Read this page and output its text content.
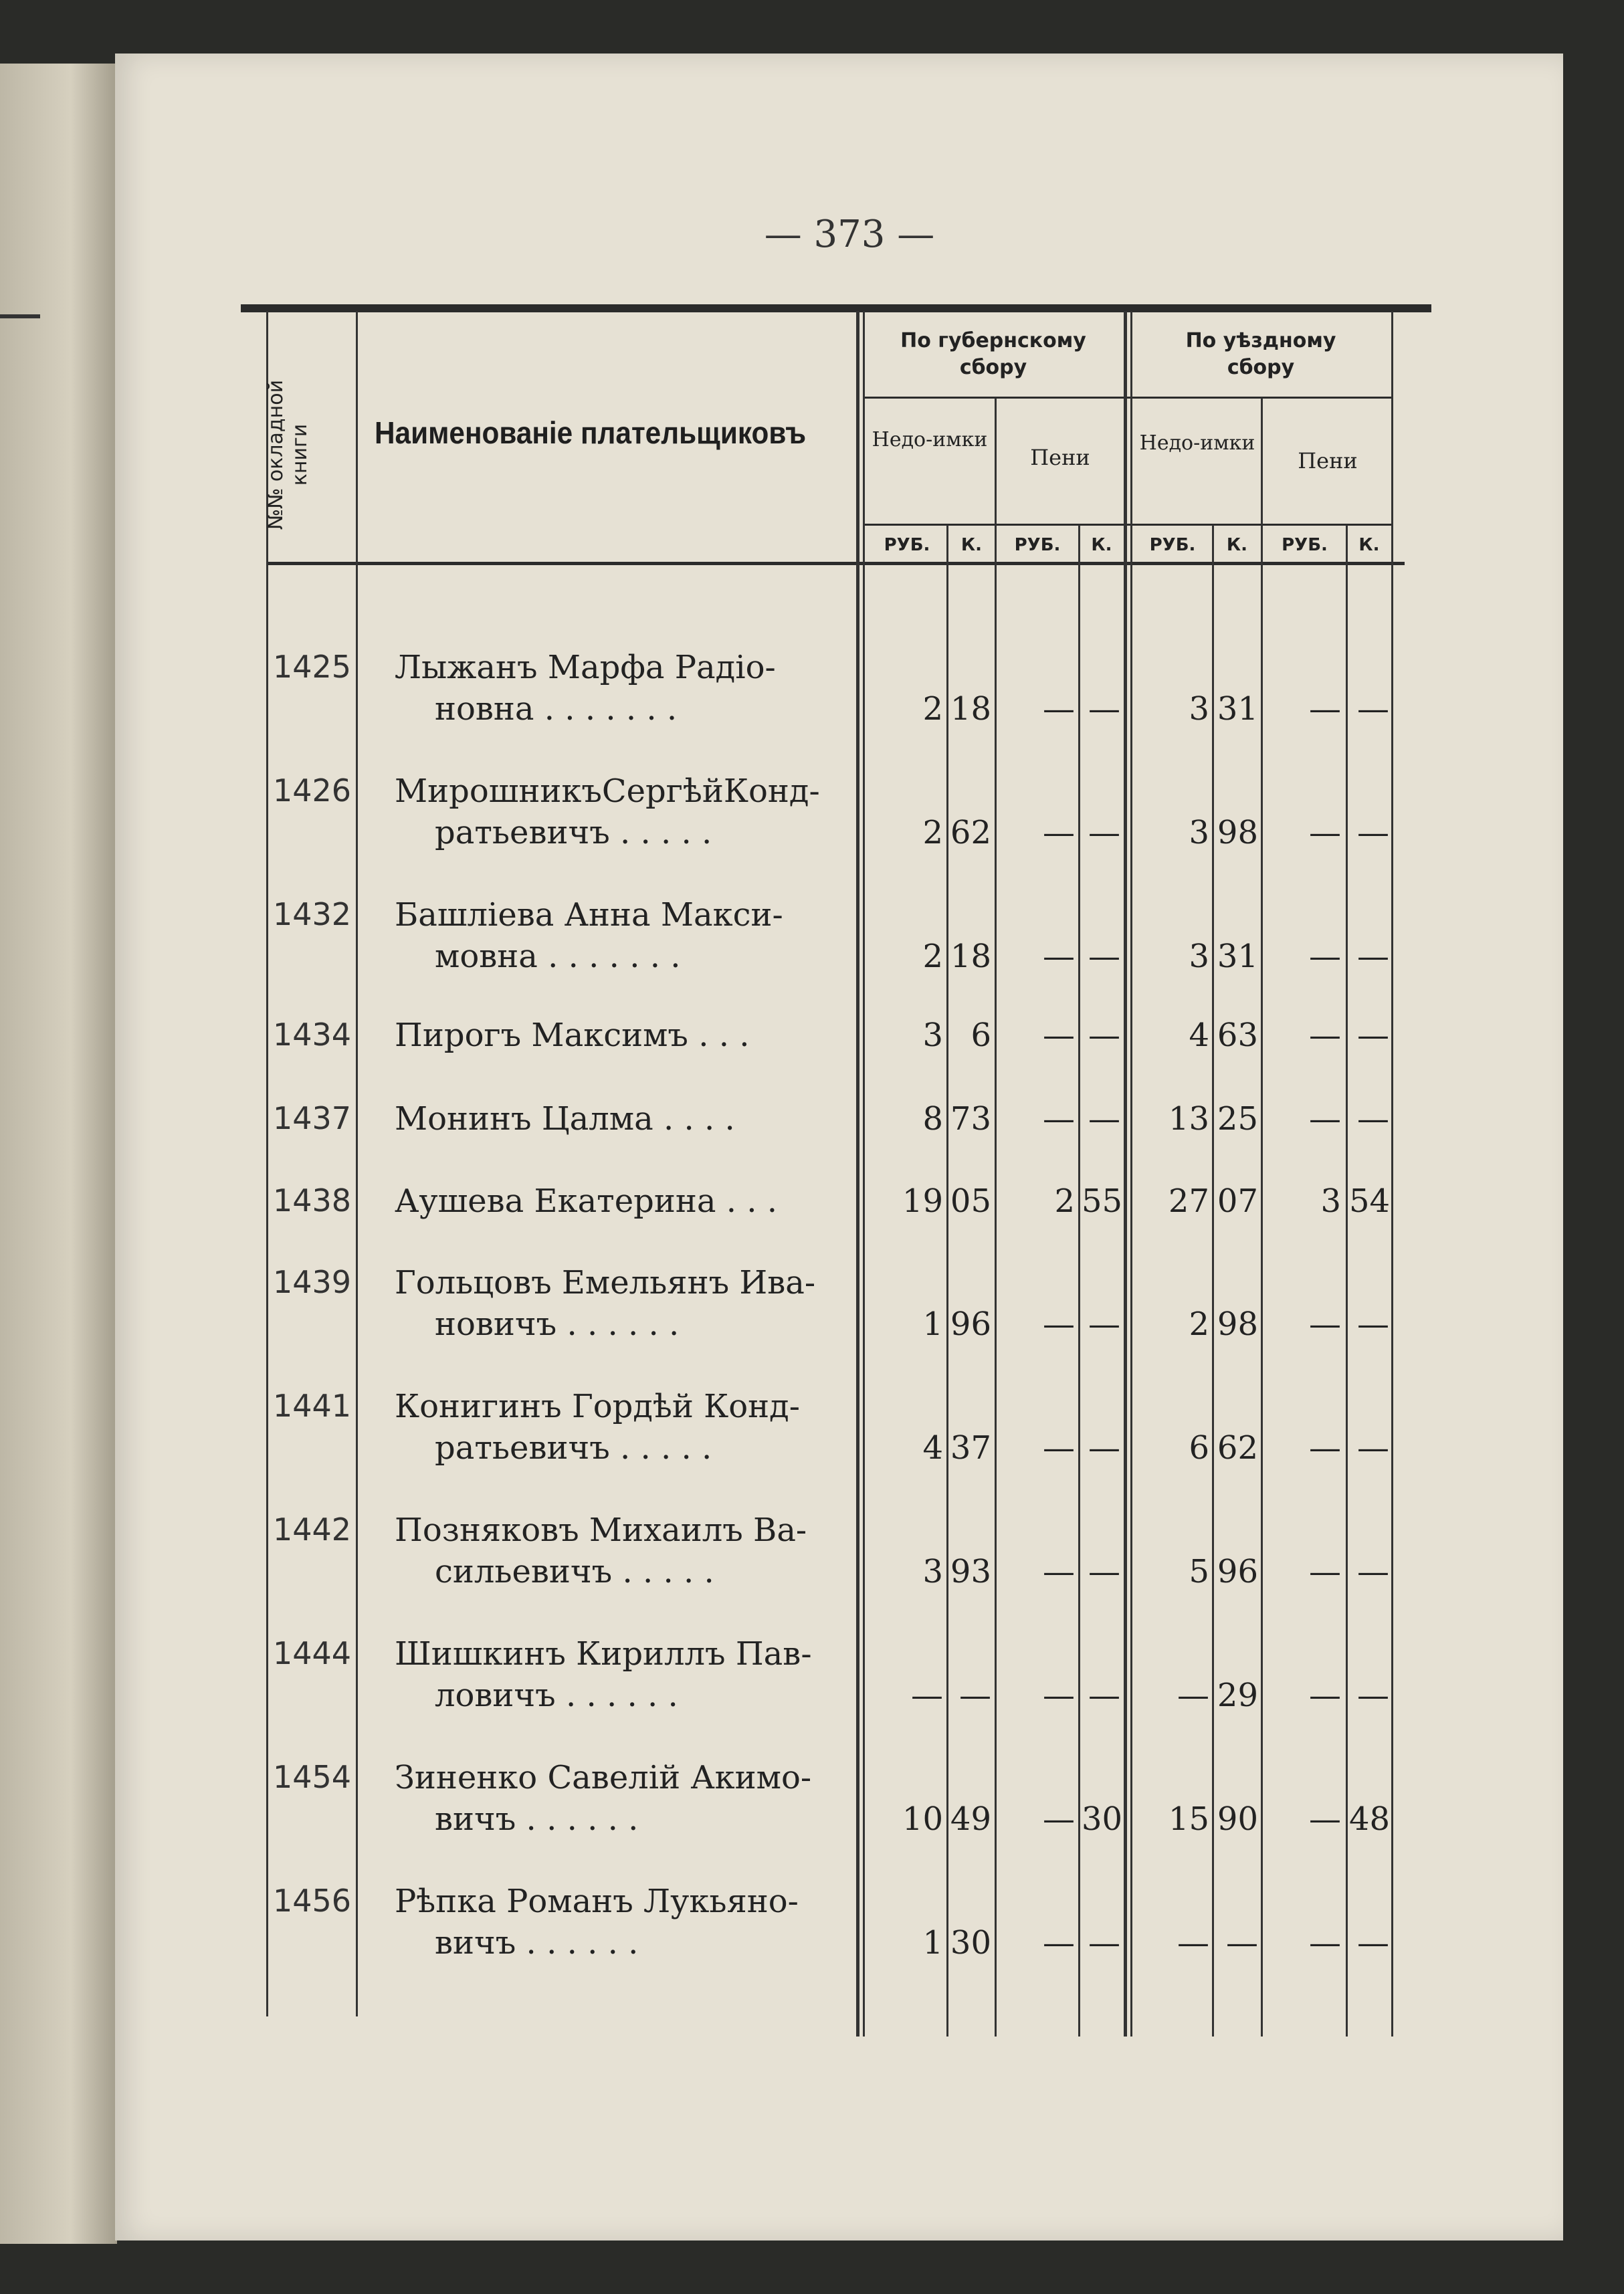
— 373 —
№№ окладной книги Наименованіе плательщиковъ
По губернскому сбору
По уѣздному сбору
Недо-имки
Пени
Недо-имки
Пени
РУБ.	К.	РУБ.	К.	РУБ.	К.	РУБ.	К.
1425 Лыжанъ Марфа Радіо-
новна . . . . . . .	2 18	— —	3 31	— —
1426 МирошникъСергѣйКонд-
ратьевичъ . . . . .	2 62	— —	3 98	— —
1432 Башліева Анна Макси-
мовна . . . . . . .	2 18	— —	3 31	— —
1434 Пирогъ Максимъ . . .	3 6	— —	4 63	— —
1437 Монинъ Цалма . . . .	8 73	— —	13 25	— —
1438 Аушева Екатерина . . .	19 05	2 55	27 07	3 54
1439 Гольцовъ Емельянъ Ива-
новичъ . . . . . .	1 96	— —	2 98	— —
1441 Конигинъ Гордѣй Конд-
ратьевичъ . . . . .	4 37	— —	6 62	— —
1442 Позняковъ Михаилъ Ва-
сильевичъ . . . . .	3 93	— —	5 96	— —
1444 Шишкинъ Кириллъ Пав-
ловичъ . . . . . .	— —	— —	— 29	— —
1454 Зиненко Савелій Акимо-
вичъ . . . . . .	10 49	— 30	15 90	— 48
1456 Рѣпка Романъ Лукьяно-
вичъ . . . . . .	1 30	— —	— —	— —
